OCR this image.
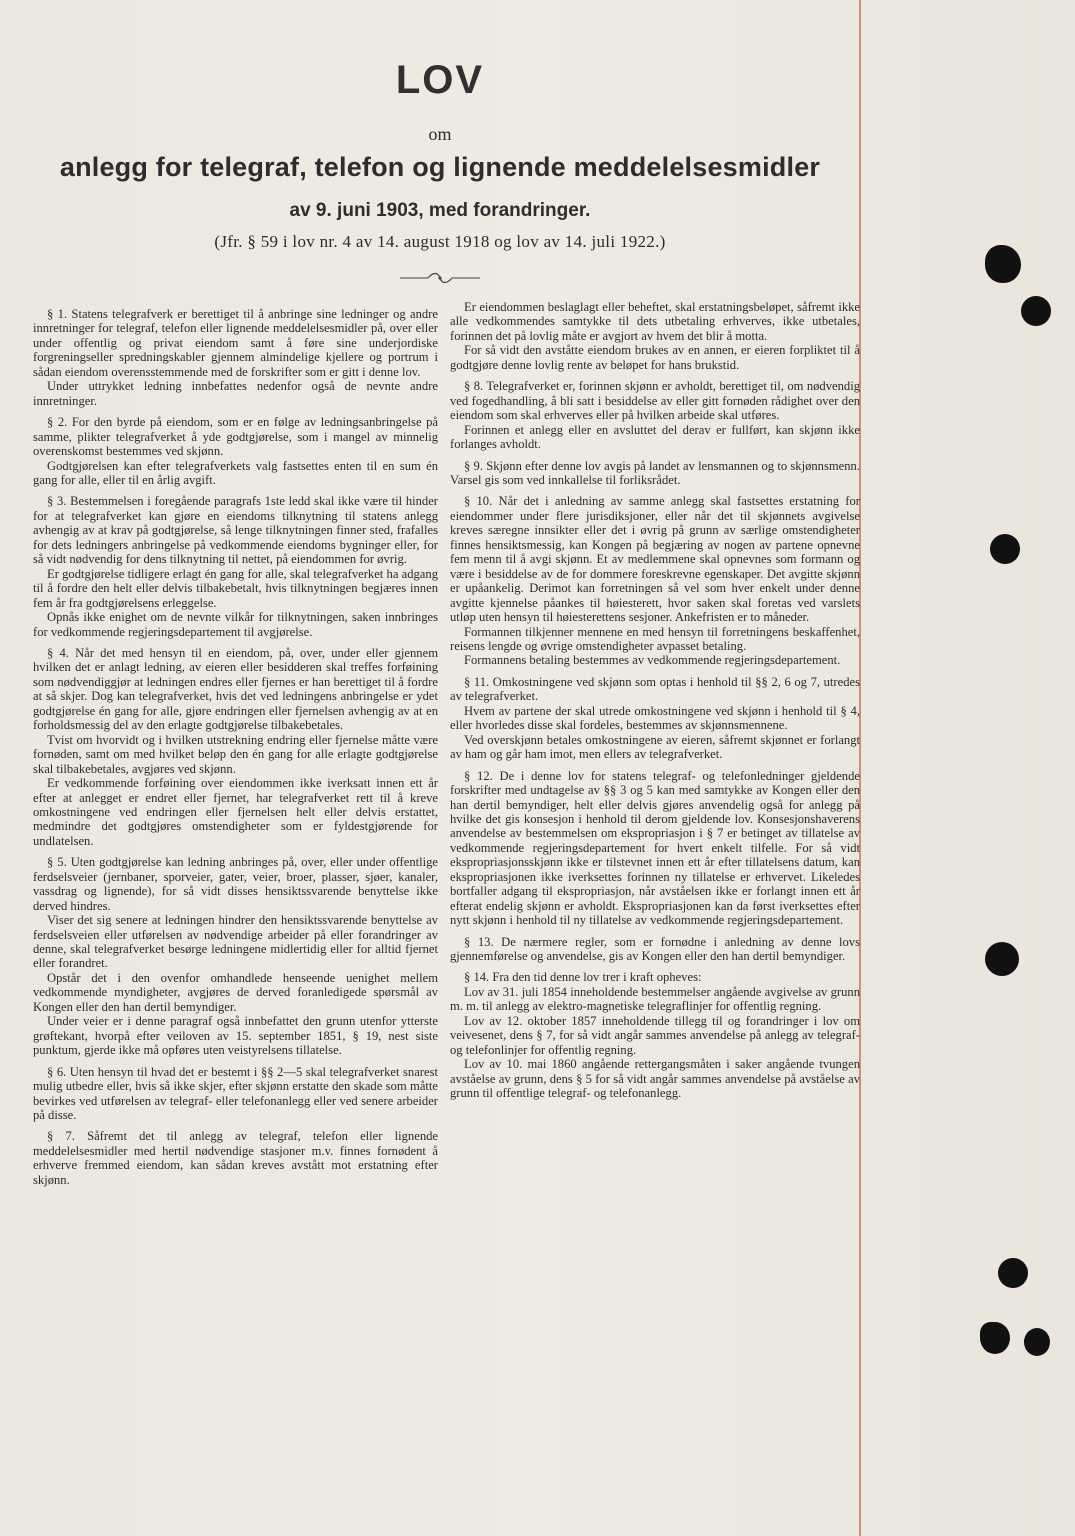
LOV
om
anlegg for telegraf, telefon og lignende meddelelsesmidler
av 9. juni 1903, med forandringer.
(Jfr. § 59 i lov nr. 4 av 14. august 1918 og lov av 14. juli 1922.)

§ 1. Statens telegrafverk er berettiget til å anbringe sine ledninger og andre innretninger for telegraf, telefon eller lignende meddelelsesmidler på, over eller under offentlig og privat eiendom samt å føre sine underjordiske forgreningseller spredningskabler gjennem almindelige kjellere og portrum i sådan eiendom overensstemmende med de forskrifter som er gitt i denne lov.

Under uttrykket ledning innbefattes nedenfor også de nevnte andre innretninger.

§ 2. For den byrde på eiendom, som er en følge av ledningsanbringelse på samme, plikter telegrafverket å yde godtgjørelse, som i mangel av minnelig overenskomst bestemmes ved skjønn.

Godtgjørelsen kan efter telegrafverkets valg fastsettes enten til en sum én gang for alle, eller til en årlig avgift.

§ 3. Bestemmelsen i foregående paragrafs 1ste ledd skal ikke være til hinder for at telegrafverket kan gjøre en eiendoms tilknytning til statens anlegg avhengig av at krav på godtgjørelse, så lenge tilknytningen finner sted, frafalles for dets ledningers anbringelse på vedkommende eiendoms bygninger eller, for så vidt nødvendig for dens tilknytning til nettet, på eiendommen for øvrig.

Er godtgjørelse tidligere erlagt én gang for alle, skal telegrafverket ha adgang til å fordre den helt eller delvis tilbakebetalt, hvis tilknytningen begjæres innen fem år fra godtgjørelsens erleggelse.

Opnås ikke enighet om de nevnte vilkår for tilknytningen, saken innbringes for vedkommende regjeringsdepartement til avgjørelse.

§ 4. Når det med hensyn til en eiendom, på, over, under eller gjennem hvilken det er anlagt ledning, av eieren eller besidderen skal treffes forføining som nødvendiggjør at ledningen endres eller fjernes er han berettiget til å fordre at så skjer. Dog kan telegrafverket, hvis det ved ledningens anbringelse er ydet godtgjørelse én gang for alle, gjøre endringen eller fjernelsen avhengig av at en forholdsmessig del av den erlagte godtgjørelse tilbakebetales.

Tvist om hvorvidt og i hvilken utstrekning endring eller fjernelse måtte være fornøden, samt om med hvilket beløp den én gang for alle erlagte godtgjørelse skal tilbakebetales, avgjøres ved skjønn.

Er vedkommende forføining over eiendommen ikke iverksatt innen ett år efter at anlegget er endret eller fjernet, har telegrafverket rett til å kreve omkostningene ved endringen eller fjernelsen helt eller delvis erstattet, medmindre det godtgjøres omstendigheter som er fyldestgjørende for undlatelsen.

§ 5. Uten godtgjørelse kan ledning anbringes på, over, eller under offentlige ferdselsveier (jernbaner, sporveier, gater, veier, broer, plasser, sjøer, kanaler, vassdrag og lignende), for så vidt disses hensiktssvarende benyttelse ikke derved hindres.

Viser det sig senere at ledningen hindrer den hensiktssvarende benyttelse av ferdselsveien eller utførelsen av nødvendige arbeider på eller forandringer av denne, skal telegrafverket besørge ledningene midlertidig eller for alltid fjernet eller forandret.

Opstår det i den ovenfor omhandlede henseende uenighet mellem vedkommende myndigheter, avgjøres de derved foranledigede spørsmål av Kongen eller den han dertil bemyndiger.

Under veier er i denne paragraf også innbefattet den grunn utenfor ytterste grøftekant, hvorpå efter veiloven av 15. september 1851, § 19, nest siste punktum, gjerde ikke må opføres uten veistyrelsens tillatelse.

§ 6. Uten hensyn til hvad det er bestemt i §§ 2—5 skal telegrafverket snarest mulig utbedre eller, hvis så ikke skjer, efter skjønn erstatte den skade som måtte bevirkes ved utførelsen av telegraf- eller telefonanlegg eller ved senere arbeider på disse.

§ 7. Såfremt det til anlegg av telegraf, telefon eller lignende meddelelsesmidler med hertil nødvendige stasjoner m.v. finnes fornødent å erhverve fremmed eiendom, kan sådan kreves avstått mot erstatning efter skjønn.

Er eiendommen beslaglagt eller beheftet, skal erstatningsbeløpet, såfremt ikke alle vedkommendes samtykke til dets utbetaling erhverves, ikke utbetales, forinnen det på lovlig måte er avgjort av hvem det blir å motta.

For så vidt den avståtte eiendom brukes av en annen, er eieren forpliktet til å godtgjøre denne lovlig rente av beløpet for hans brukstid.

§ 8. Telegrafverket er, forinnen skjønn er avholdt, berettiget til, om nødvendig ved fogedhandling, å bli satt i besiddelse av eller gitt fornøden rådighet over den eiendom som skal erhverves eller på hvilken arbeide skal utføres.

Forinnen et anlegg eller en avsluttet del derav er fullført, kan skjønn ikke forlanges avholdt.

§ 9. Skjønn efter denne lov avgis på landet av lensmannen og to skjønnsmenn. Varsel gis som ved innkallelse til forliksrådet.

§ 10. Når det i anledning av samme anlegg skal fastsettes erstatning for eiendommer under flere jurisdiksjoner, eller når det til skjønnets avgivelse kreves særegne innsikter eller det i øvrig på grunn av særlige omstendigheter finnes hensiktsmessig, kan Kongen på begjæring av nogen av partene opnevne fem menn til å avgi skjønn. Et av medlemmene skal opnevnes som formann og være i besiddelse av de for dommere foreskrevne egenskaper. Det avgitte skjønn er upåankelig. Derimot kan forretningen så vel som hver enkelt under denne avgitte kjennelse påankes til høiesterett, hvor saken skal foretas ved varslets utløp uten hensyn til høiesterettens sesjoner. Ankefristen er to måneder.

Formannen tilkjenner mennene en med hensyn til forretningens beskaffenhet, reisens lengde og øvrige omstendigheter avpasset betaling.

Formannens betaling bestemmes av vedkommende regjeringsdepartement.

§ 11. Omkostningene ved skjønn som optas i henhold til §§ 2, 6 og 7, utredes av telegrafverket.

Hvem av partene der skal utrede omkostningene ved skjønn i henhold til § 4, eller hvorledes disse skal fordeles, bestemmes av skjønnsmennene.

Ved overskjønn betales omkostningene av eieren, såfremt skjønnet er forlangt av ham og går ham imot, men ellers av telegrafverket.

§ 12. De i denne lov for statens telegraf- og telefonledninger gjeldende forskrifter med undtagelse av §§ 3 og 5 kan med samtykke av Kongen eller den han dertil bemyndiger, helt eller delvis gjøres anvendelig også for anlegg på hvilke det gis konsesjon i henhold til derom gjeldende lov. Konsesjonshaverens anvendelse av bestemmelsen om ekspropriasjon i § 7 er betinget av tillatelse av vedkommende regjeringsdepartement for hvert enkelt tilfelle. For så vidt ekspropriasjonsskjønn ikke er tilstevnet innen ett år efter tillatelsens datum, kan ekspropriasjonen ikke iverksettes forinnen ny tillatelse er erhvervet. Likeledes bortfaller adgang til ekspropriasjon, når avståelsen ikke er forlangt innen ett år efterat endelig skjønn er avholdt. Ekspropriasjonen kan da først iverksettes efter nytt skjønn i henhold til ny tillatelse av vedkommende regjeringsdepartement.

§ 13. De nærmere regler, som er fornødne i anledning av denne lovs gjennemførelse og anvendelse, gis av Kongen eller den han dertil bemyndiger.

§ 14. Fra den tid denne lov trer i kraft opheves:

Lov av 31. juli 1854 inneholdende bestemmelser angående avgivelse av grunn m. m. til anlegg av elektro-magnetiske telegraflinjer for offentlig regning.

Lov av 12. oktober 1857 inneholdende tillegg til og forandringer i lov om veivesenet, dens § 7, for så vidt angår sammes anvendelse på anlegg av telegraf- og telefonlinjer for offentlig regning.

Lov av 10. mai 1860 angående rettergangsmåten i saker angående tvungen avståelse av grunn, dens § 5 for så vidt angår sammes anvendelse på avståelse av grunn til offentlige telegraf- og telefonanlegg.
